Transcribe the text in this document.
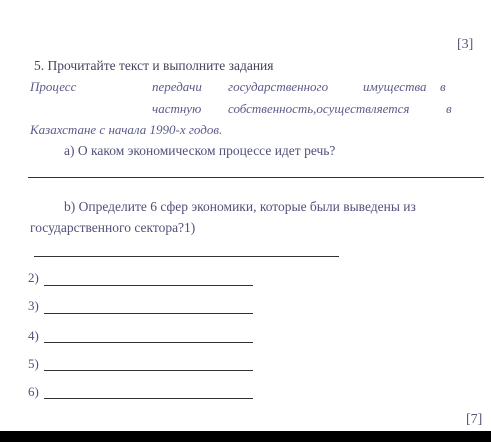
[3]
5. Прочитайте текст и выполните задания
Процесс	передачи государственного	имущества в
частную собственность,осуществляется	в
Казахстане с начала 1990-х годов.
а) О каком экономическом процессе идет речь?
b) Определите 6 сфер экономики, которые были выведены из
государственного сектора?1)
2)
3)
4)
5)
6)
[7]
